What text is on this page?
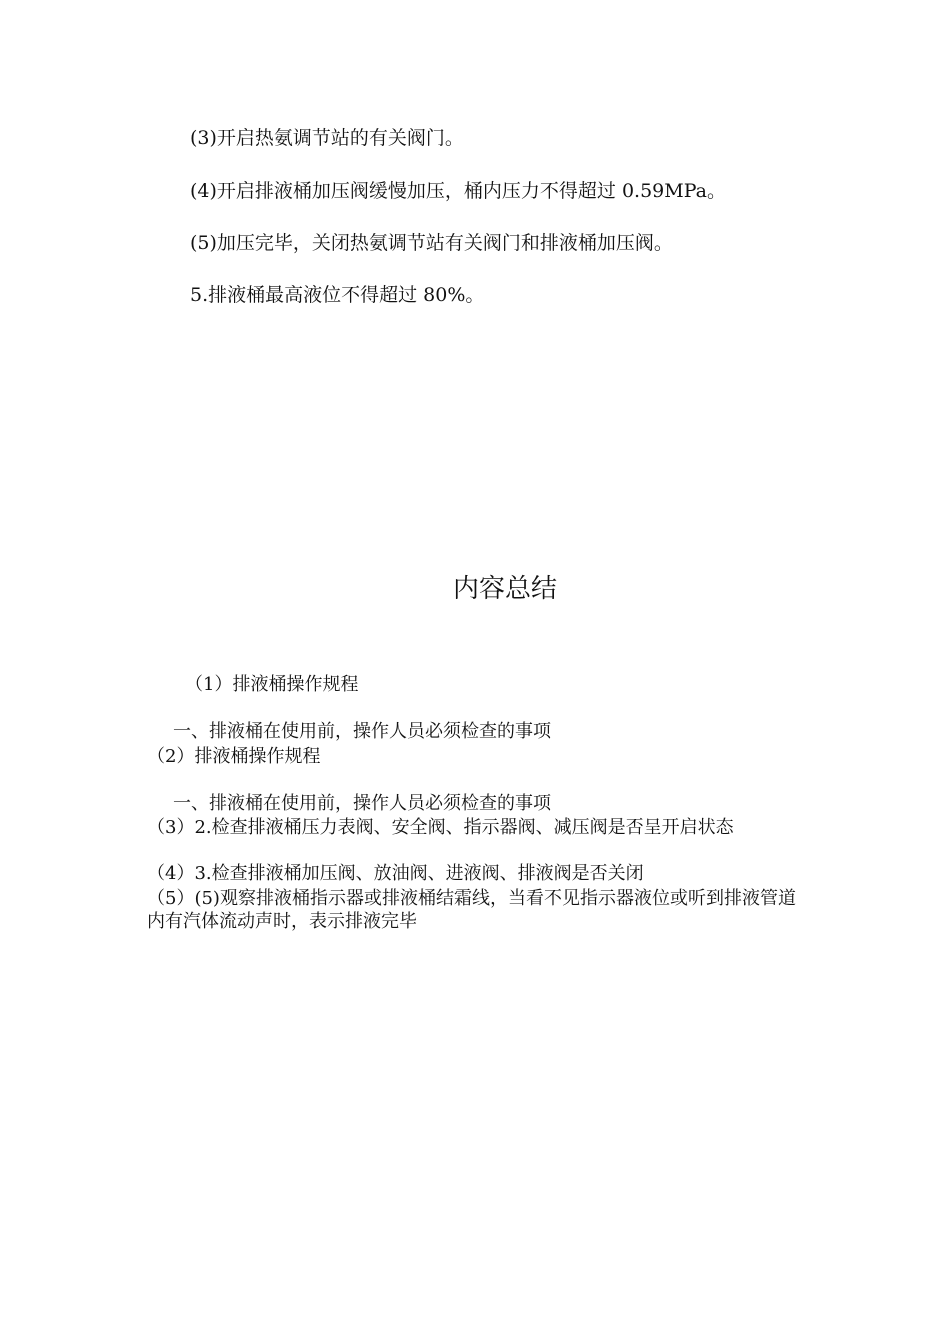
(3)开启热氨调节站的有关阀门。
(4)开启排液桶加压阀缓慢加压，桶内压力不得超过 0.59MPa。
(5)加压完毕，关闭热氨调节站有关阀门和排液桶加压阀。
5.排液桶最高液位不得超过 80%。
内容总结
（1）排液桶操作规程
一、排液桶在使用前，操作人员必须检查的事项
（2）排液桶操作规程
一、排液桶在使用前，操作人员必须检查的事项
（3）2.检查排液桶压力表阀、安全阀、指示器阀、减压阀是否呈开启状态
（4）3.检查排液桶加压阀、放油阀、进液阀、排液阀是否关闭
（5）(5)观察排液桶指示器或排液桶结霜线，当看不见指示器液位或听到排液管道内有汽体流动声时，表示排液完毕
